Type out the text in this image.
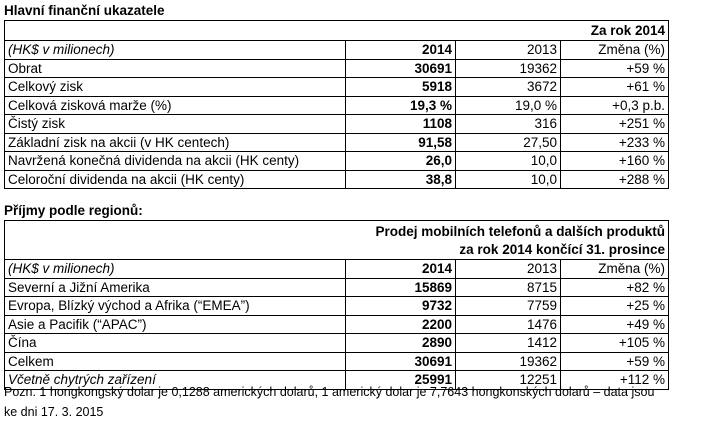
Hlavní finanční ukazatele
Za rok 2014			
(HK$ v milionech)	2014	2013	Změna (%)
Obrat	30691	19362	+59 %
Celkový zisk	5918	3672	+61 %
Celková zisková marže (%)	19,3 %	19,0 %	+0,3 p.b.
Čistý zisk	1108	316	+251 %
Základní zisk na akcii (v HK centech)	91,58	27,50	+233 %
Navržená konečná dividenda na akcii (HK centy)	26,0	10,0	+160 %
Celoroční dividenda na akcii (HK centy)	38,8	10,0	+288 %
Příjmy podle regionů:
Prodej mobilních telefonů a dalších produktů
za rok 2014 končící 31. prosince			

(HK$ v milionech)	2014	2013	Změna (%)
Severní a Jižní Amerika	15869	8715	+82 %
Evropa, Blízký východ a Afrika (“EMEA”)	9732	7759	+25 %
Asie a Pacifik (“APAC”)	2200	1476	+49 %
Čína	2890	1412	+105 %
Celkem	30691	19362	+59 %
Včetně chytrých zařízení	25991	12251	+112 %
Pozn. 1 hongkongský dolar je 0,1288 amerických dolarů, 1 americký dolar je 7,7643 hongkonských dolarů – data jsou
ke dni 17. 3. 2015
